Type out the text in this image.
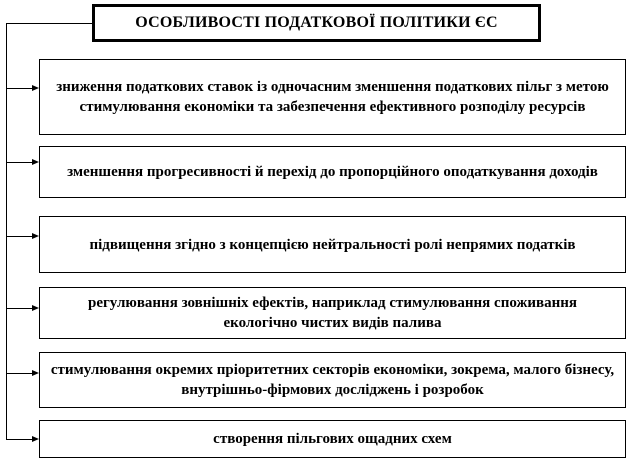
ОСОБЛИВОСТІ ПОДАТКОВОЇ ПОЛІТИКИ ЄС
зниження податкових ставок із одночасним зменшення податкових пільг з метою стимулювання економіки та забезпечення ефективного розподілу ресурсів
зменшення прогресивності й перехід до пропорційного оподаткування доходів
підвищення згідно з концепцією нейтральності ролі непрямих податків
регулювання зовнішніх ефектів, наприклад стимулювання споживання екологічно чистих видів палива
стимулювання окремих пріоритетних секторів економіки, зокрема, малого бізнесу, внутрішньо-фірмових досліджень і розробок
створення пільгових ощадних схем
